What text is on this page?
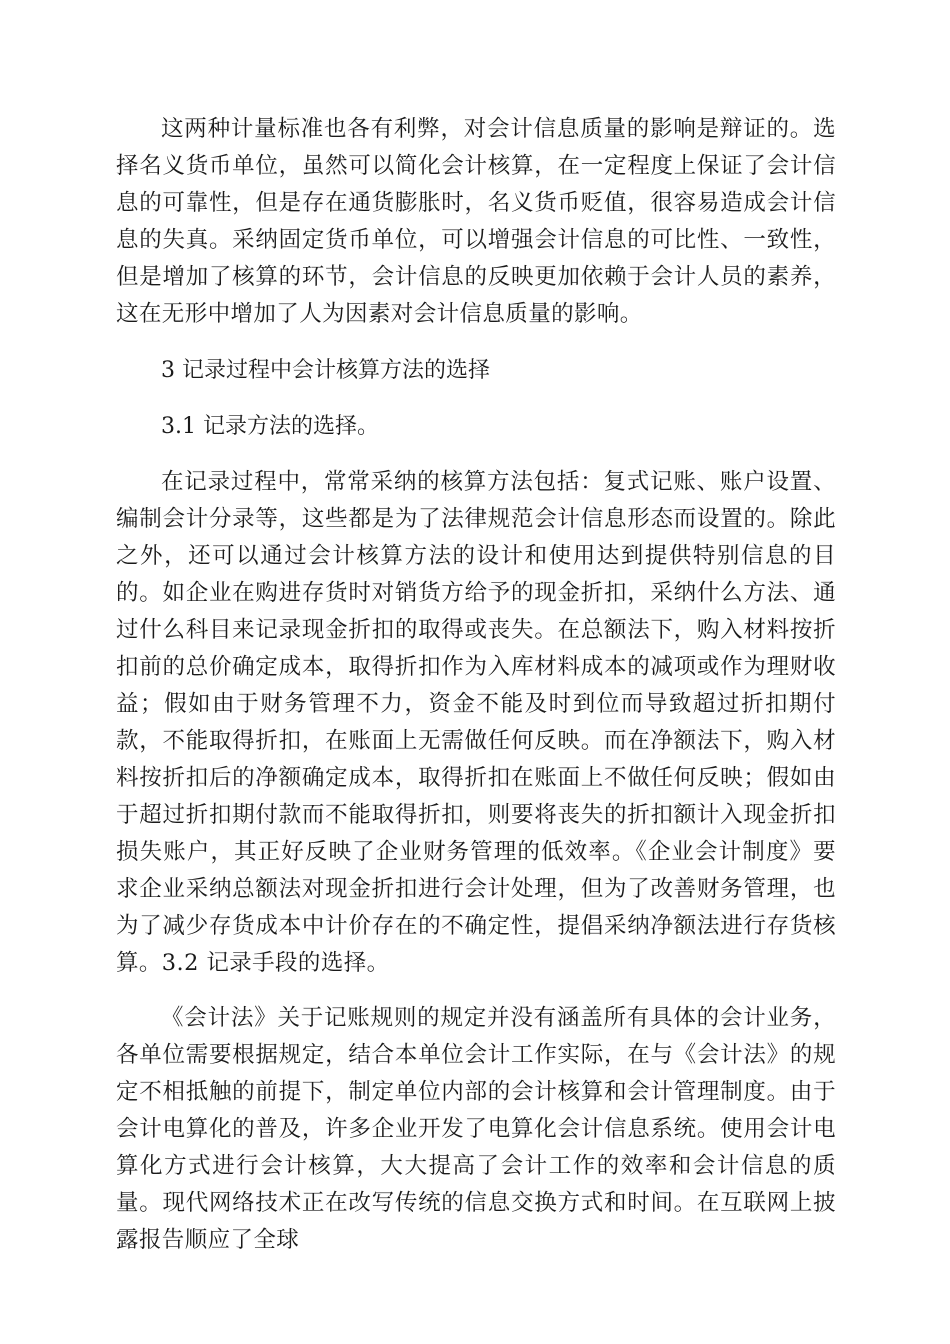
这两种计量标准也各有利弊，对会计信息质量的影响是辩证的。选择名义货币单位，虽然可以简化会计核算，在一定程度上保证了会计信息的可靠性，但是存在通货膨胀时，名义货币贬值，很容易造成会计信息的失真。采纳固定货币单位，可以增强会计信息的可比性、一致性，但是增加了核算的环节，会计信息的反映更加依赖于会计人员的素养，这在无形中增加了人为因素对会计信息质量的影响。

3 记录过程中会计核算方法的选择

3.1 记录方法的选择。

在记录过程中，常常采纳的核算方法包括：复式记账、账户设置、编制会计分录等，这些都是为了法律规范会计信息形态而设置的。除此之外，还可以通过会计核算方法的设计和使用达到提供特别信息的目的。如企业在购进存货时对销货方给予的现金折扣，采纳什么方法、通过什么科目来记录现金折扣的取得或丧失。在总额法下，购入材料按折扣前的总价确定成本，取得折扣作为入库材料成本的减项或作为理财收益；假如由于财务管理不力，资金不能及时到位而导致超过折扣期付款，不能取得折扣，在账面上无需做任何反映。而在净额法下，购入材料按折扣后的净额确定成本，取得折扣在账面上不做任何反映；假如由于超过折扣期付款而不能取得折扣，则要将丧失的折扣额计入现金折扣损失账户，其正好反映了企业财务管理的低效率。《企业会计制度》要求企业采纳总额法对现金折扣进行会计处理，但为了改善财务管理，也为了减少存货成本中计价存在的不确定性，提倡采纳净额法进行存货核算。3.2 记录手段的选择。

《会计法》关于记账规则的规定并没有涵盖所有具体的会计业务，各单位需要根据规定，结合本单位会计工作实际，在与《会计法》的规定不相抵触的前提下，制定单位内部的会计核算和会计管理制度。由于会计电算化的普及，许多企业开发了电算化会计信息系统。使用会计电算化方式进行会计核算，大大提高了会计工作的效率和会计信息的质量。现代网络技术正在改写传统的信息交换方式和时间。在互联网上披露报告顺应了全球
